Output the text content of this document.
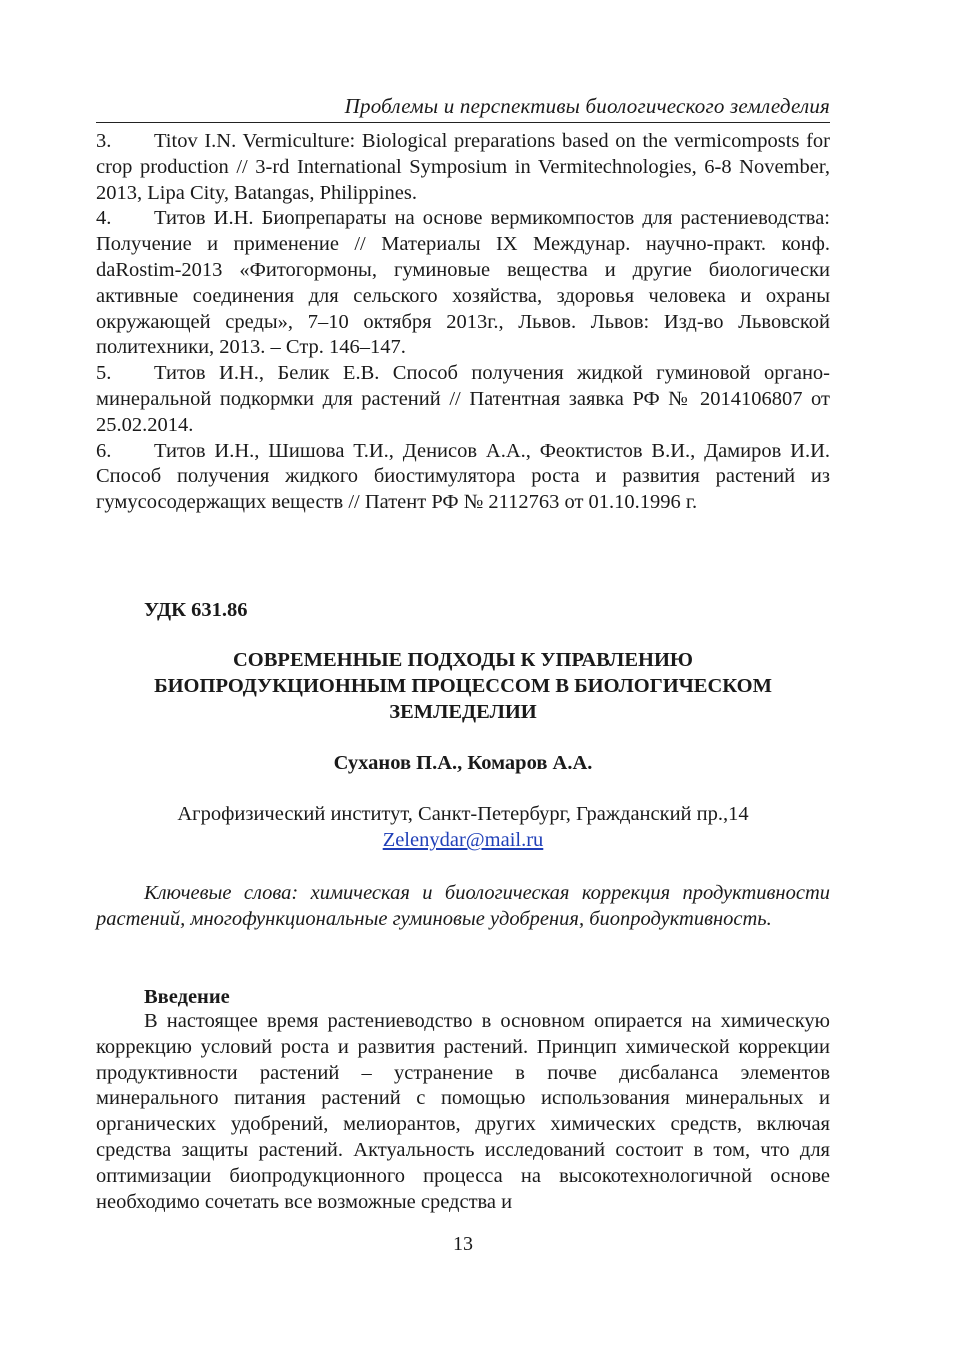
Проблемы и перспективы биологического земледелия

3. Titov I.N. Vermiculture: Biological preparations based on the vermicomposts for crop production // 3-rd International Symposium in Vermitechnologies, 6-8 November, 2013, Lipa City, Batangas, Philippines.

4. Титов И.Н. Биопрепараты на основе вермикомпостов для растениеводства: Получение и применение // Материалы IX Междунар. научно-практ. конф. daRostim-2013 «Фитогормоны, гуминовые вещества и другие биологически активные соединения для сельского хозяйства, здоровья человека и охраны окружающей среды», 7–10 октября 2013г., Львов. Львов: Изд-во Львовской политехники, 2013. – Стр. 146–147.

5. Титов И.Н., Белик Е.В. Способ получения жидкой гуминовой органо-минеральной подкормки для растений // Патентная заявка РФ № 2014106807 от 25.02.2014.

6. Титов И.Н., Шишова Т.И., Денисов А.А., Феоктистов В.И., Дамиров И.И. Способ получения жидкого биостимулятора роста и развития растений из гумусосодержащих веществ // Патент РФ № 2112763 от 01.10.1996 г.

УДК 631.86
СОВРЕМЕННЫЕ ПОДХОДЫ К УПРАВЛЕНИЮ
БИОПРОДУКЦИОННЫМ ПРОЦЕССОМ В БИОЛОГИЧЕСКОМ
ЗЕМЛЕДЕЛИИ
Суханов П.А., Комаров А.А.
Агрофизический институт, Санкт-Петербург, Гражданский пр.,14
Zelenydar@mail.ru

Ключевые слова: химическая и биологическая коррекция продуктивности растений, многофункциональные гуминовые удобрения, биопродуктивность.

Введение

В настоящее время растениеводство в основном опирается на химическую коррекцию условий роста и развития растений. Принцип химической коррекции продуктивности растений – устранение в почве дисбаланса элементов минерального питания растений с помощью использования минеральных и органических удобрений, мелиорантов, других химических средств, включая средства защиты растений. Актуальность исследований состоит в том, что для оптимизации биопродукционного процесса на высокотехнологичной основе необходимо сочетать все возможные средства и

13
